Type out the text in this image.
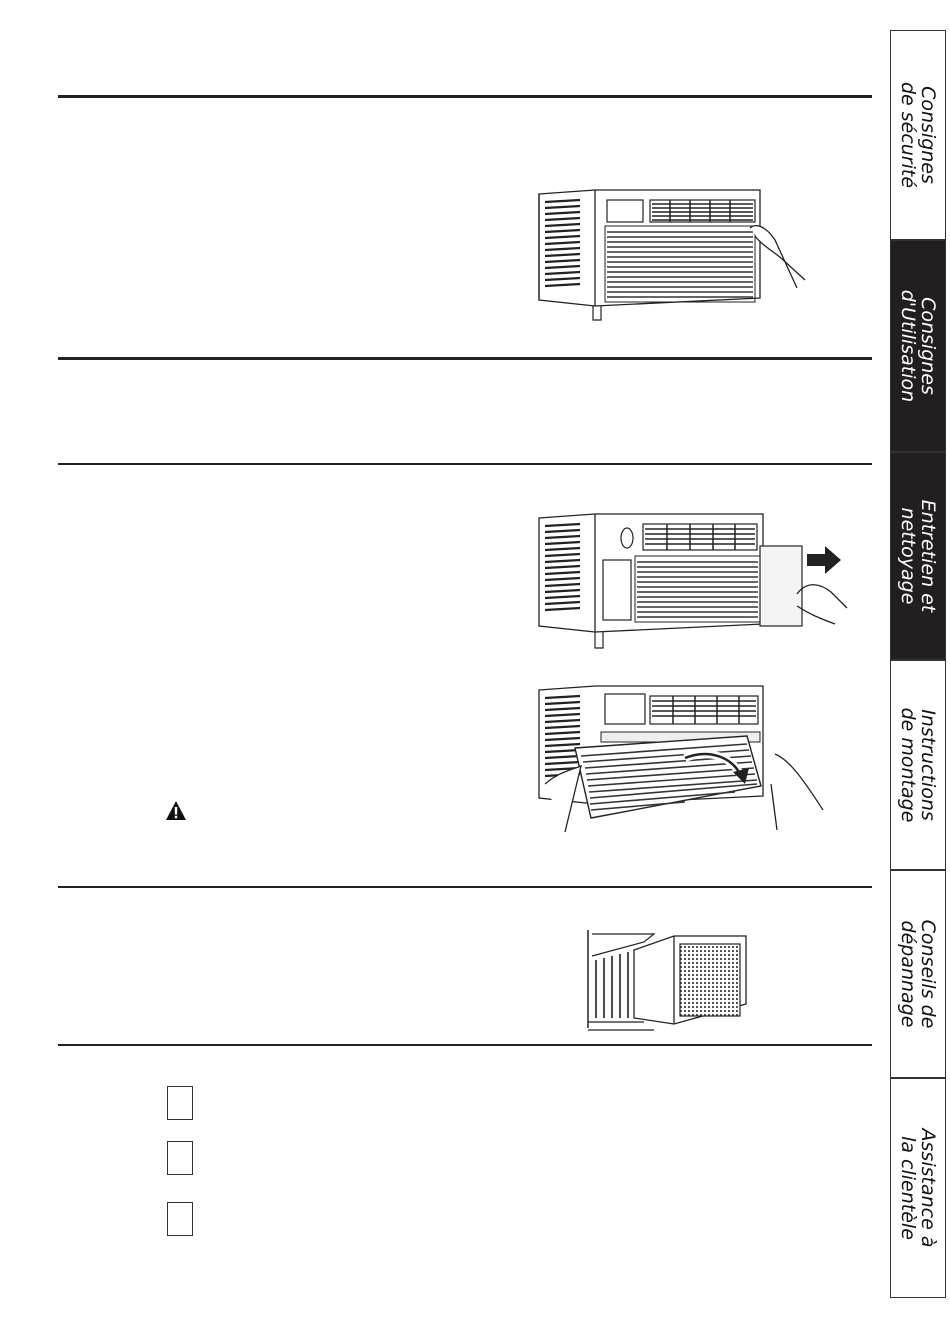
Consignes
de sécurité
Consignes
d'Utilisation
Entretien et
nettoyage
Instructions
de montage
Conseils de
dépannage
Assistance à
la clientèle
